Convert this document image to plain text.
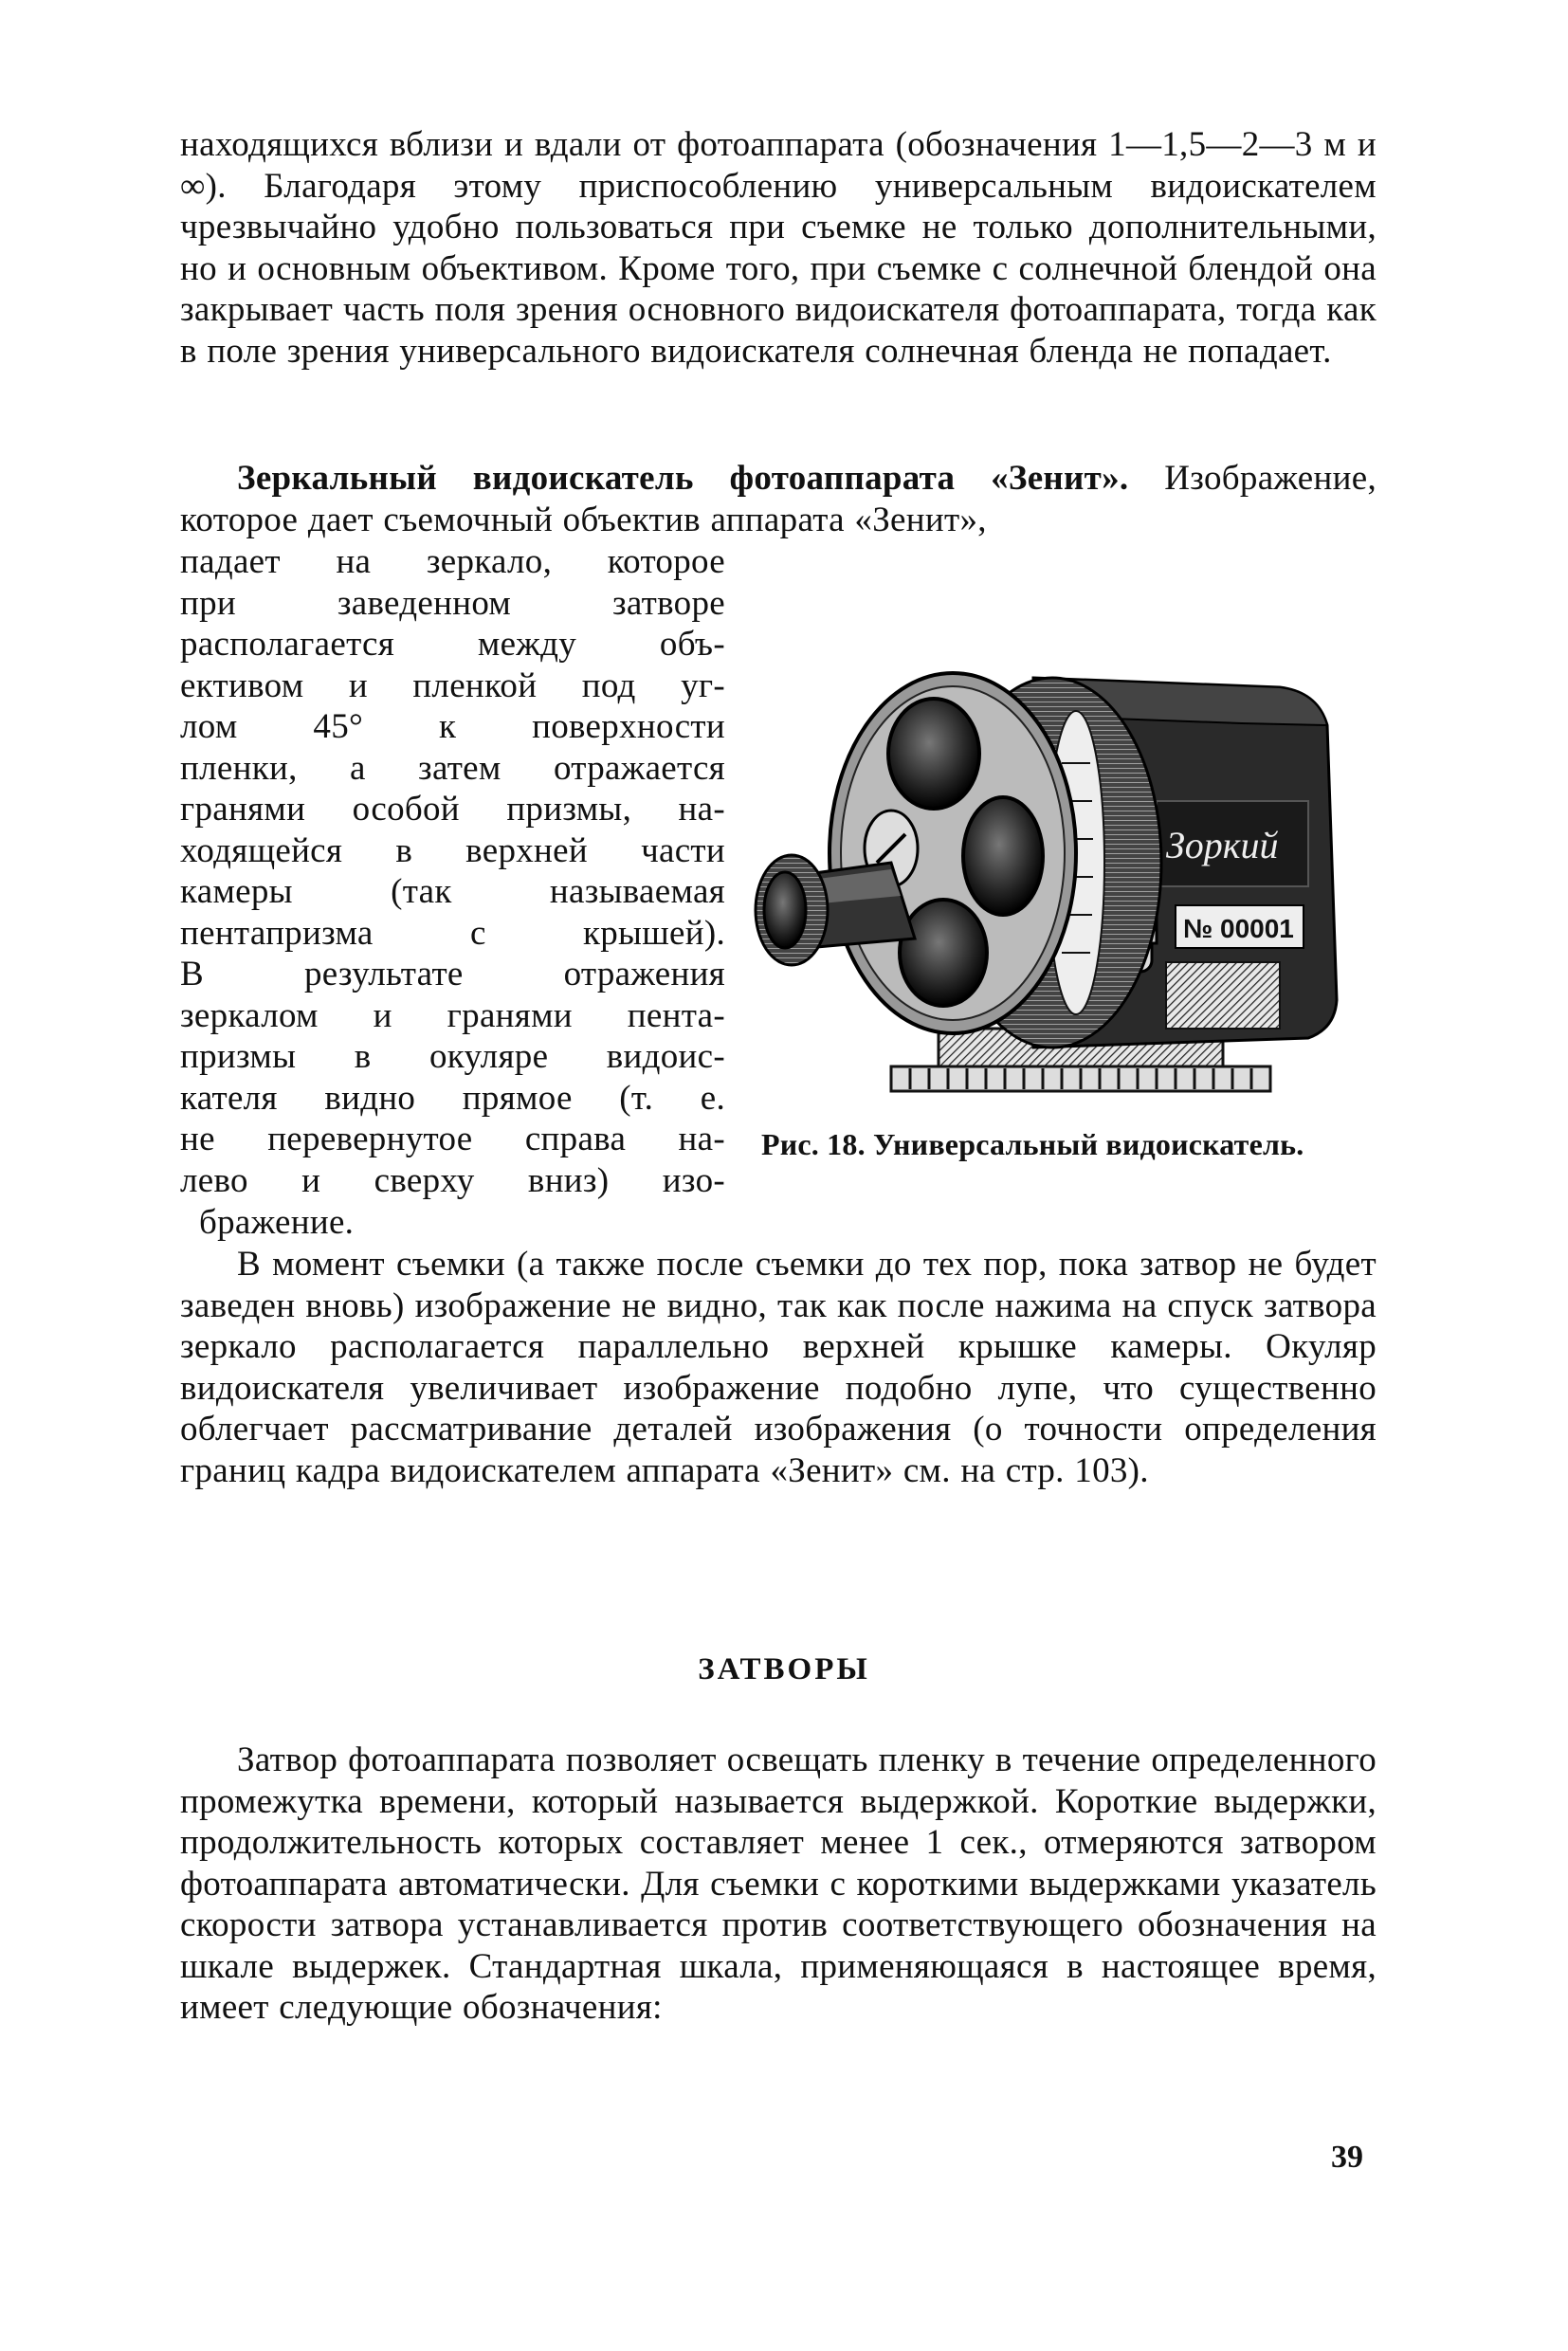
находящихся вблизи и вдали от фотоаппарата (обозначения 1—1,5—2—3 м и ∞). Благодаря этому приспособлению универсальным видоискателем чрезвычайно удобно пользоваться при съемке не только дополнительными, но и основным объективом. Кроме того, при съемке с солнечной блендой она закрывает часть поля зрения основного видоискателя фотоаппарата, тогда как в поле зрения универсального видоискателя солнечная бленда не попадает.

Зеркальный видоискатель фотоаппарата «Зенит». Изображение, которое дает съемочный объектив аппарата «Зенит»,

падает на зеркало, которое

при заведенном затворе

располагается между объ-

ективом и пленкой под уг-

лом 45° к поверхности

пленки, а затем отражается

гранями особой призмы, на-

ходящейся в верхней части

камеры (так называемая

пентапризма с крышей).

В результате отражения

зеркалом и гранями пента-

призмы в окуляре видоис-

кателя видно прямое (т. е.

не перевернутое справа на-

лево и сверху вниз) изо-

бражение.

Зоркий
№ 00001
Рис. 18. Универсальный видоискатель.

В момент съемки (а также после съемки до тех пор, пока затвор не будет заведен вновь) изображение не видно, так как после нажима на спуск затвора зеркало располагается параллельно верхней крышке камеры. Окуляр видоискателя увеличивает изображение подобно лупе, что существенно облегчает рассматривание деталей изображения (о точности определения границ кадра видоискателем аппарата «Зенит» см. на стр. 103).

ЗАТВОРЫ

Затвор фотоаппарата позволяет освещать пленку в течение определенного промежутка времени, который называется выдержкой. Короткие выдержки, продолжительность которых составляет менее 1 сек., отмеряются затвором фотоаппарата автоматически. Для съемки с короткими выдержками указатель скорости затвора устанавливается против соответствующего обозначения на шкале выдержек. Стандартная шкала, применяющаяся в настоящее время, имеет следующие обозначения:

39
